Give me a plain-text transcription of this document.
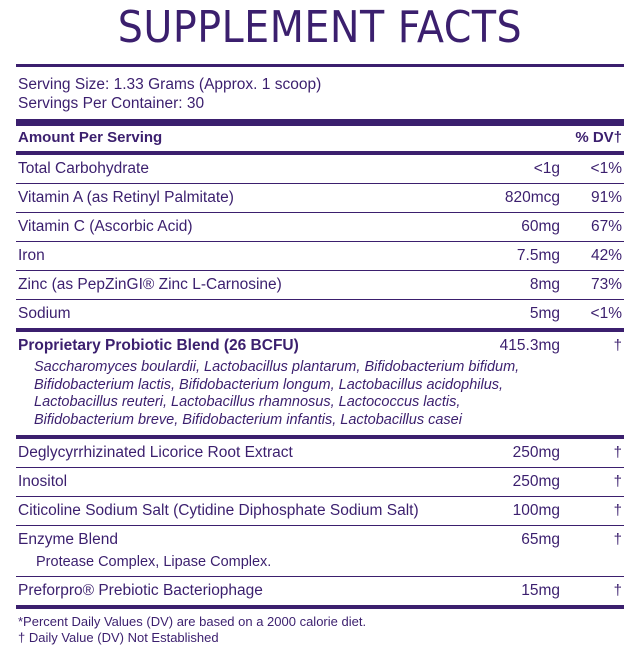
SUPPLEMENT FACTS
Serving Size: 1.33 Grams (Approx. 1 scoop)
Servings Per Container: 30
Amount Per Serving	% DV†
Total Carbohydrate	<1g	<1%
Vitamin A (as Retinyl Palmitate)	820mcg	91%
Vitamin C (Ascorbic Acid)	60mg	67%
Iron	7.5mg	42%
Zinc (as PepZinGI® Zinc L-Carnosine)	8mg	73%
Sodium	5mg	<1%
Proprietary Probiotic Blend (26 BCFU)	415.3mg	†
Saccharomyces boulardii, Lactobacillus plantarum, Bifidobacterium bifidum, Bifidobacterium lactis, Bifidobacterium longum, Lactobacillus acidophilus, Lactobacillus reuteri, Lactobacillus rhamnosus, Lactococcus lactis, Bifidobacterium breve, Bifidobacterium infantis, Lactobacillus casei
Deglycyrrhizinated Licorice Root Extract	250mg	†
Inositol	250mg	†
Citicoline Sodium Salt (Cytidine Diphosphate Sodium Salt)	100mg	†
Enzyme Blend	65mg	†
Protease Complex, Lipase Complex.
Preforpro® Prebiotic Bacteriophage	15mg	†
*Percent Daily Values (DV) are based on a 2000 calorie diet.
† Daily Value (DV) Not Established
